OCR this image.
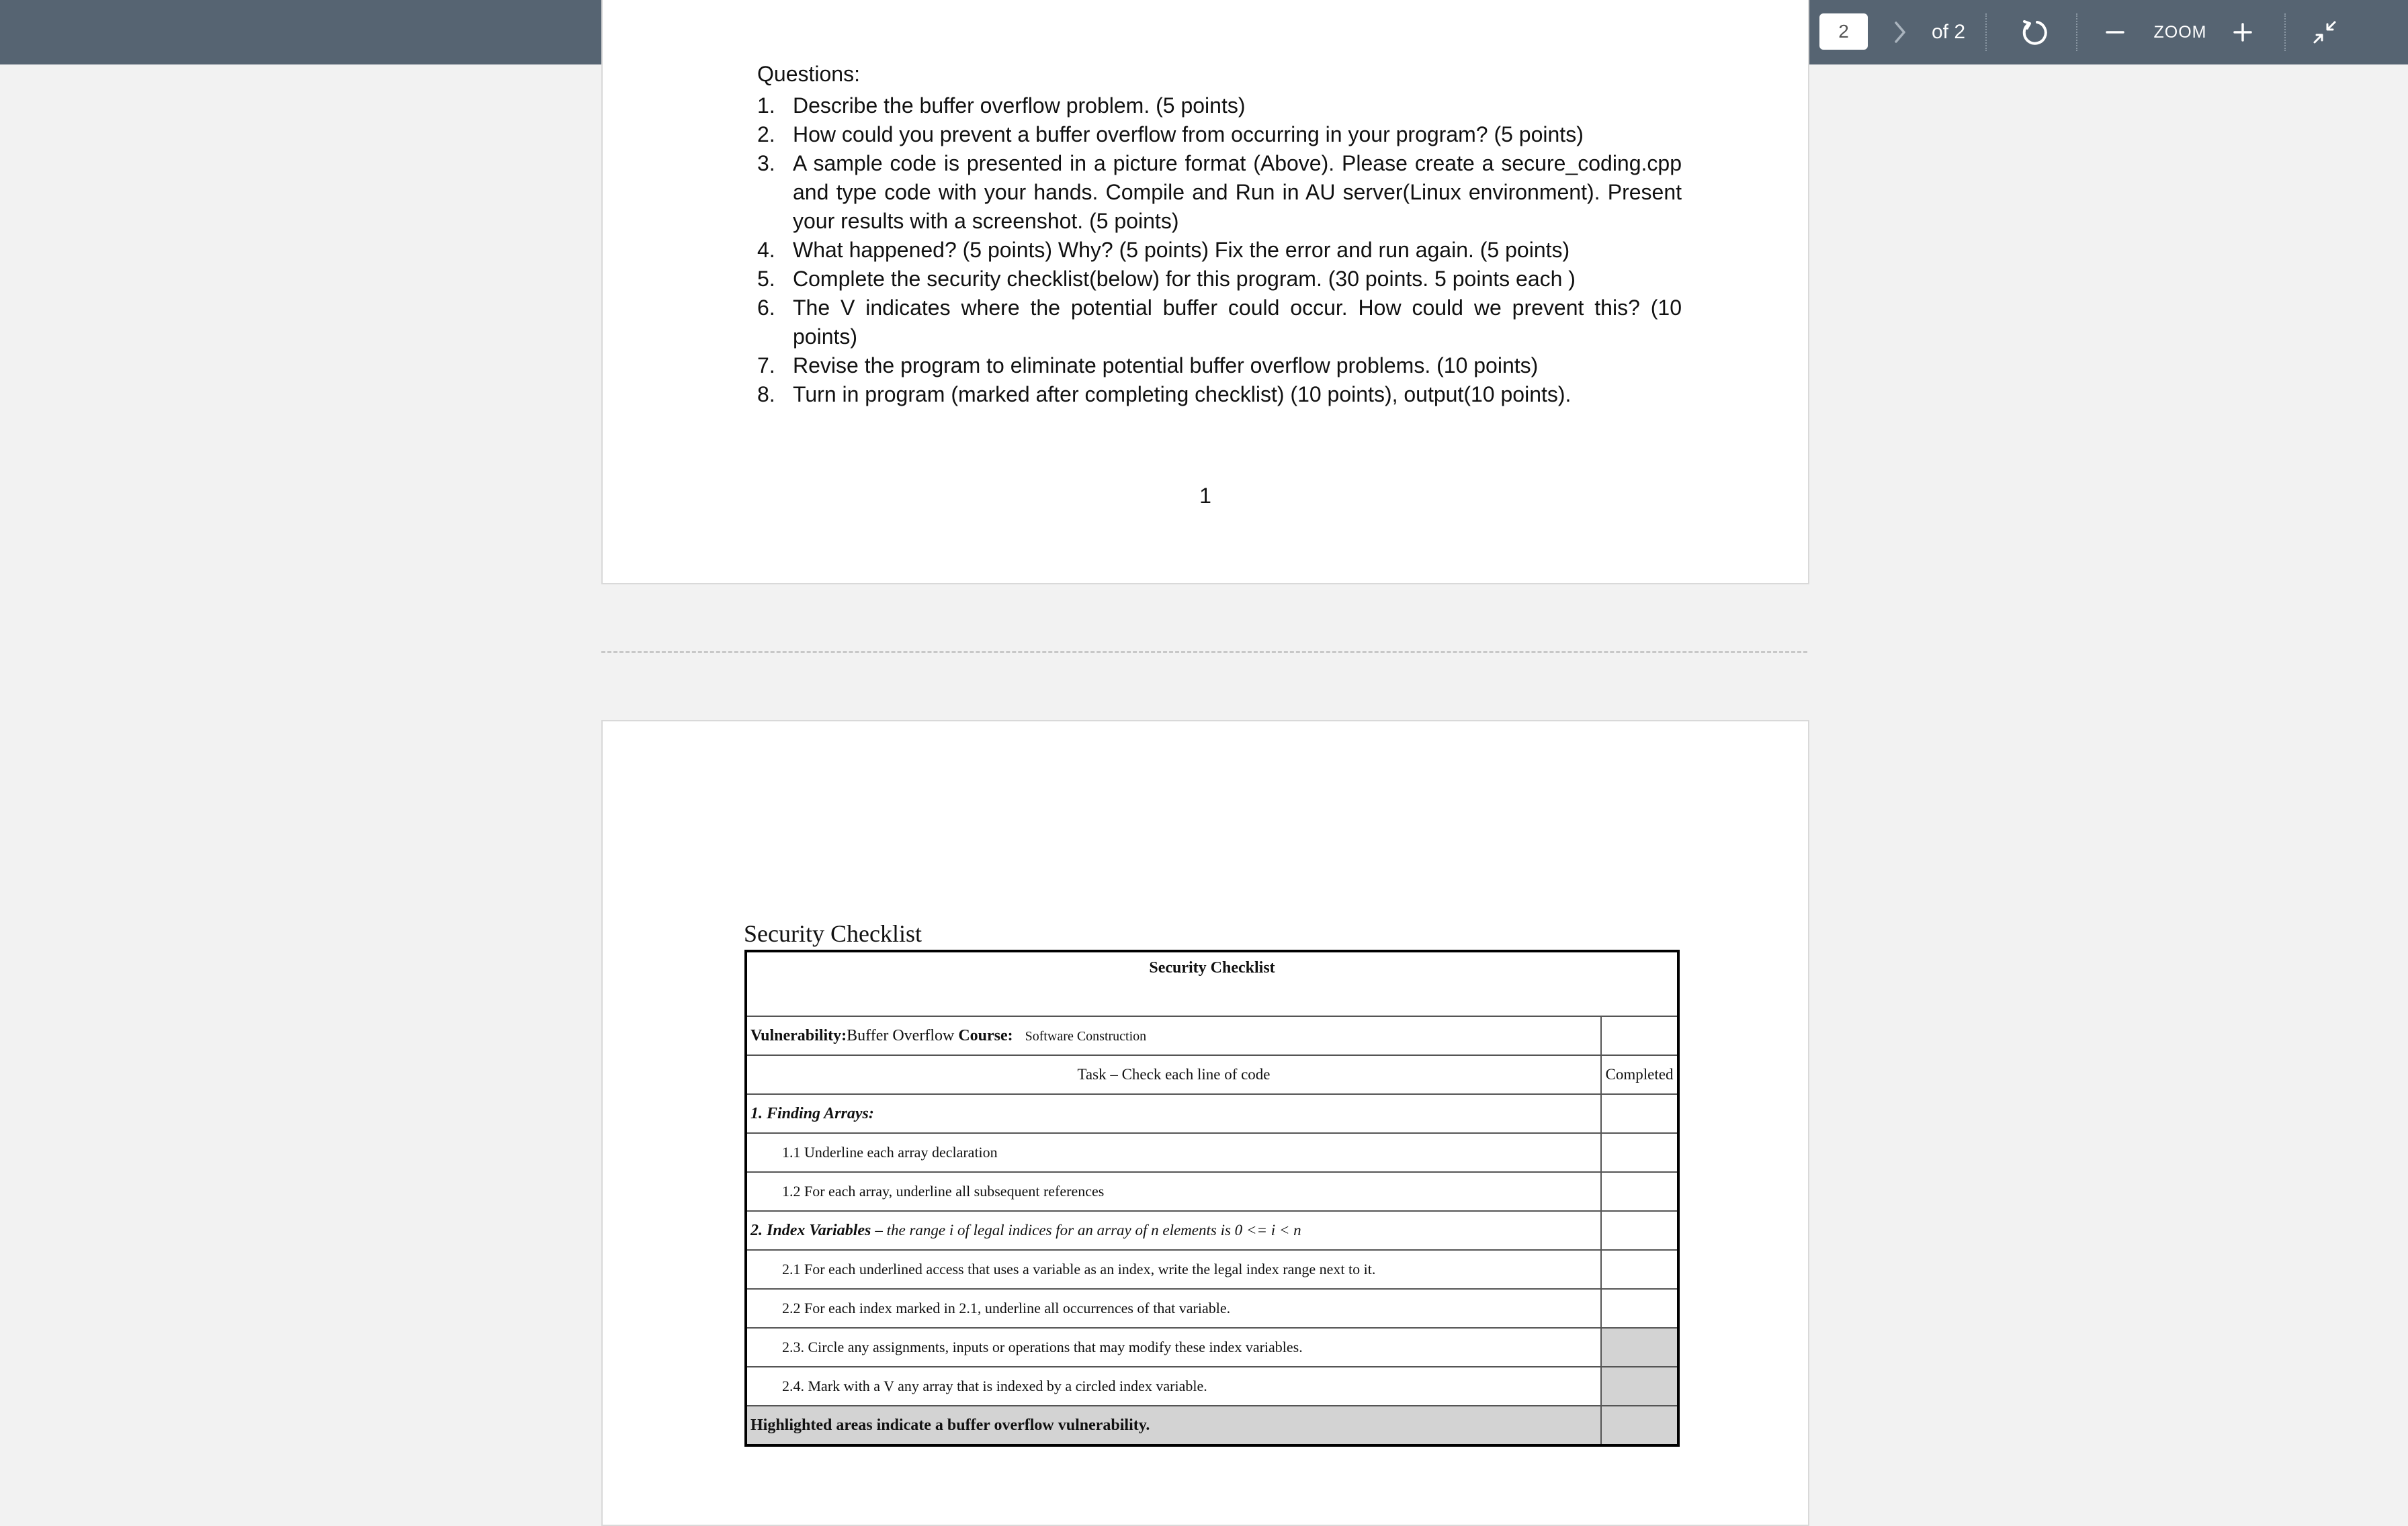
2
of 2	ZOOM
Questions:
1. Describe the buffer overflow problem. (5 points)
2. How could you prevent a buffer overflow from occurring in your program? (5 points)
3. A sample code is presented in a picture format (Above). Please create a secure_coding.cpp and type code with your hands. Compile and Run in AU server(Linux environment). Present your results with a screenshot. (5 points)
4. What happened? (5 points) Why? (5 points) Fix the error and run again. (5 points)
5. Complete the security checklist(below) for this program. (30 points. 5 points each )
6. The V indicates where the potential buffer could occur. How could we prevent this? (10 points)
7. Revise the program to eliminate potential buffer overflow problems. (10 points)
8. Turn in program (marked after completing checklist) (10 points), output(10 points).
1
Security Checklist
Security Checklist	
Vulnerability:Buffer Overflow Course: Software Construction	
Task – Check each line of code	Completed
1. Finding Arrays:	
1.1 Underline each array declaration	
1.2 For each array, underline all subsequent references	
2. Index Variables – the range i of legal indices for an array of n elements is 0 <= i < n	
2.1 For each underlined access that uses a variable as an index, write the legal index range next to it.	
2.2 For each index marked in 2.1, underline all occurrences of that variable.	
2.3. Circle any assignments, inputs or operations that may modify these index variables.	
2.4. Mark with a V any array that is indexed by a circled index variable.	
Highlighted areas indicate a buffer overflow vulnerability.	
